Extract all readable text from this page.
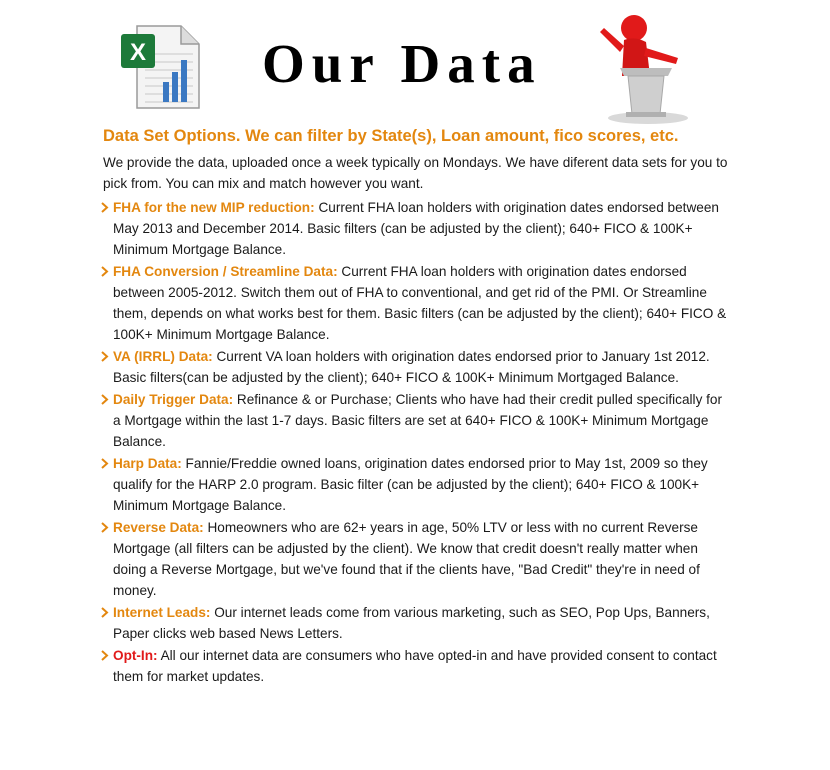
X Our Data
Data Set Options. We can filter by State(s), Loan amount, fico scores, etc.

We provide the data, uploaded once a week typically on Mondays. We have diferent data sets for you to pick from. You can mix and match however you want.

FHA for the new MIP reduction: Current FHA loan holders with origination dates endorsed between May 2013 and December 2014. Basic filters (can be adjusted by the client); 640+ FICO & 100K+ Minimum Mortgage Balance.
FHA Conversion / Streamline Data: Current FHA loan holders with origination dates endorsed between 2005-2012. Switch them out of FHA to conventional, and get rid of the PMI. Or Streamline them, depends on what works best for them. Basic filters (can be adjusted by the client); 640+ FICO & 100K+ Minimum Mortgage Balance.
VA (IRRL) Data: Current VA loan holders with origination dates endorsed prior to January 1st 2012. Basic filters(can be adjusted by the client); 640+ FICO & 100K+ Minimum Mortgaged Balance.
Daily Trigger Data: Refinance & or Purchase; Clients who have had their credit pulled specifically for a Mortgage within the last 1-7 days. Basic filters are set at 640+ FICO & 100K+ Minimum Mortgage Balance.
Harp Data: Fannie/Freddie owned loans, origination dates endorsed prior to May 1st, 2009 so they qualify for the HARP 2.0 program. Basic filter (can be adjusted by the client); 640+ FICO & 100K+ Minimum Mortgage Balance.
Reverse Data: Homeowners who are 62+ years in age, 50% LTV or less with no current Reverse Mortgage (all filters can be adjusted by the client). We know that credit doesn't really matter when doing a Reverse Mortgage, but we've found that if the clients have, "Bad Credit" they're in need of money.
Internet Leads: Our internet leads come from various marketing, such as SEO, Pop Ups, Banners, Paper clicks web based News Letters.
Opt-In: All our internet data are consumers who have opted-in and have provided consent to contact them for market updates.
